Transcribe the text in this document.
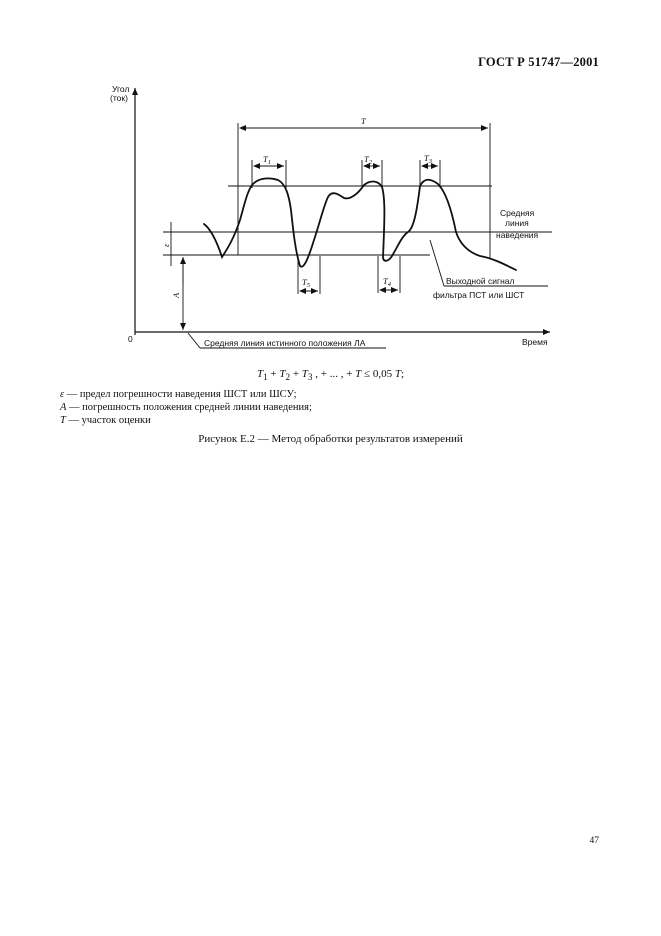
ГОСТ Р 51747—2001
Угол
(ток)
Время
0
T
ε
A
$T_1$	$T_2$	$T_3$
$T_4$
$T_5$
Средняя
линия
наведения
Выходной сигнал
фильтра ПСТ или ШСТ
Средняя линия истинного положения ЛА
$T_1 + T_2 + T_3$ , + ... , + T ≤ 0,05 T;
ε — предел погрешности наведения ШСТ или ШСУ;
A — погрешность положения средней линии наведения;
T — участок оценки
Рисунок Е.2 — Метод обработки результатов измерений
47
